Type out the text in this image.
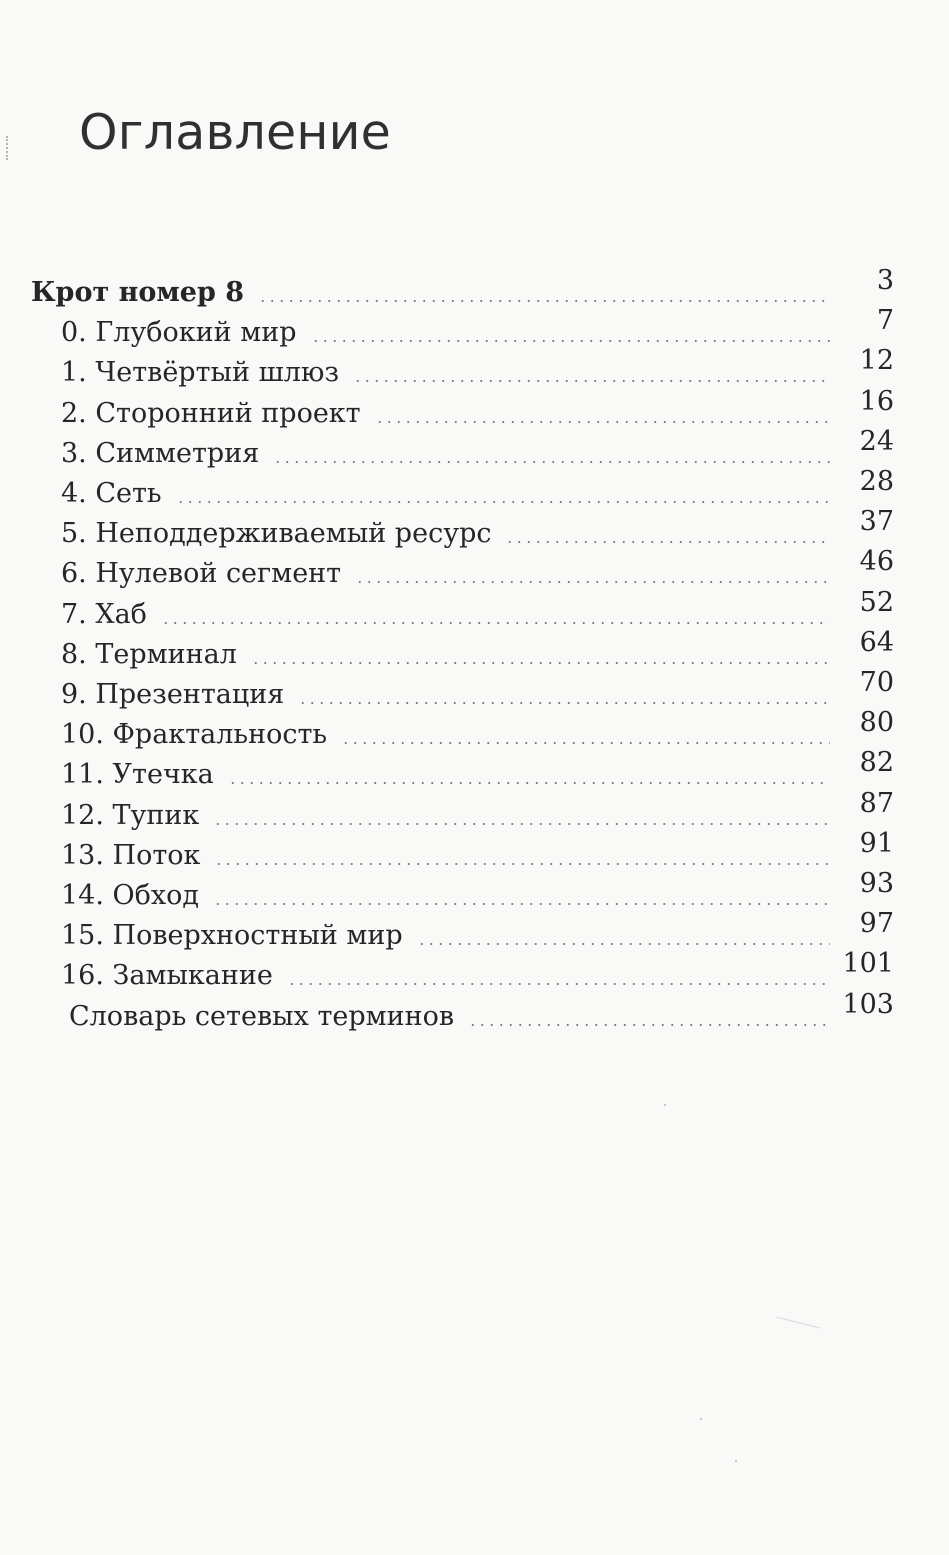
Оглавление
Крот номер 8	3
0. Глубокий мир	7
1. Четвёртый шлюз	12
2. Сторонний проект	16
3. Симметрия	24
4. Сеть	28
5. Неподдерживаемый ресурс	37
6. Нулевой сегмент	46
7. Хаб	52
8. Терминал	64
9. Презентация	70
10. Фрактальность	80
11. Утечка	82
12. Тупик	87
13. Поток	91
14. Обход	93
15. Поверхностный мир	97
16. Замыкание	101
Словарь сетевых терминов	103
